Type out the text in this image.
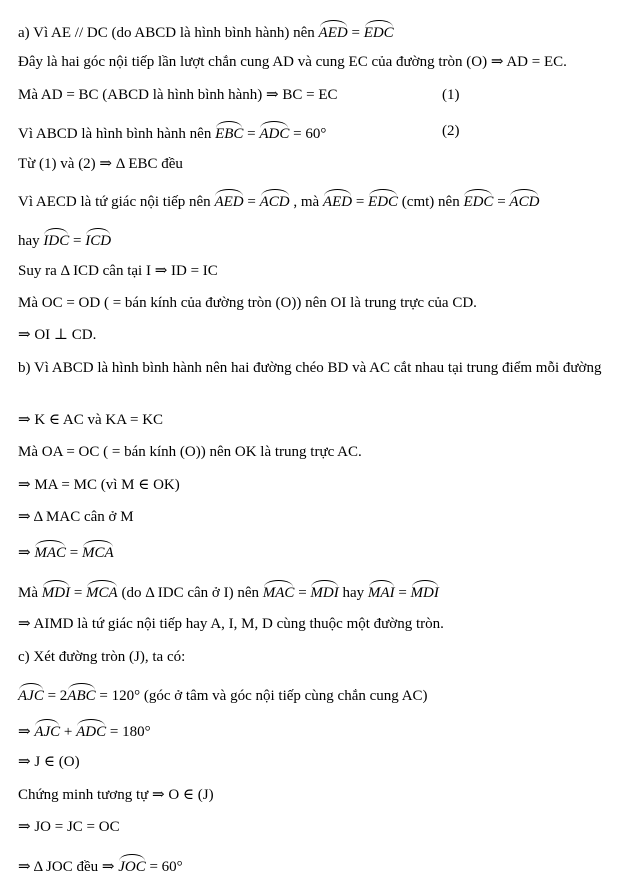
a) Vì AE // DC (do ABCD là hình bình hành) nên AED = EDC
Đây là hai góc nội tiếp lần lượt chắn cung AD và cung EC của đường tròn (O) ⇒ AD = EC.
Mà AD = BC (ABCD là hình bình hành) ⇒ BC = EC	(1)
Vì ABCD là hình bình hành nên EBC = ADC = 60°	(2)
Từ (1) và (2) ⇒ Δ EBC đều
Vì AECD là tứ giác nội tiếp nên AED = ACD , mà AED = EDC (cmt) nên EDC = ACD
hay IDC = ICD
Suy ra Δ ICD cân tại I ⇒ ID = IC
Mà OC = OD ( = bán kính của đường tròn (O)) nên OI là trung trực của CD.
⇒ OI ⊥ CD.
b) Vì ABCD là hình bình hành nên hai đường chéo BD và AC cắt nhau tại trung điểm mỗi đường
⇒ K ∈ AC và KA = KC
Mà OA = OC ( = bán kính (O)) nên OK là trung trực AC.
⇒ MA = MC (vì M ∈ OK)
⇒ Δ MAC cân ở M
⇒ MAC = MCA
Mà MDI = MCA (do Δ IDC cân ở I) nên MAC = MDI hay MAI = MDI
⇒ AIMD là tứ giác nội tiếp hay A, I, M, D cùng thuộc một đường tròn.
c) Xét đường tròn (J), ta có:
AJC = 2ABC = 120° (góc ở tâm và góc nội tiếp cùng chắn cung AC)
⇒ AJC + ADC = 180°
⇒ J ∈ (O)
Chứng minh tương tự ⇒ O ∈ (J)
⇒ JO = JC = OC
⇒ Δ JOC đều ⇒ JOC = 60°
